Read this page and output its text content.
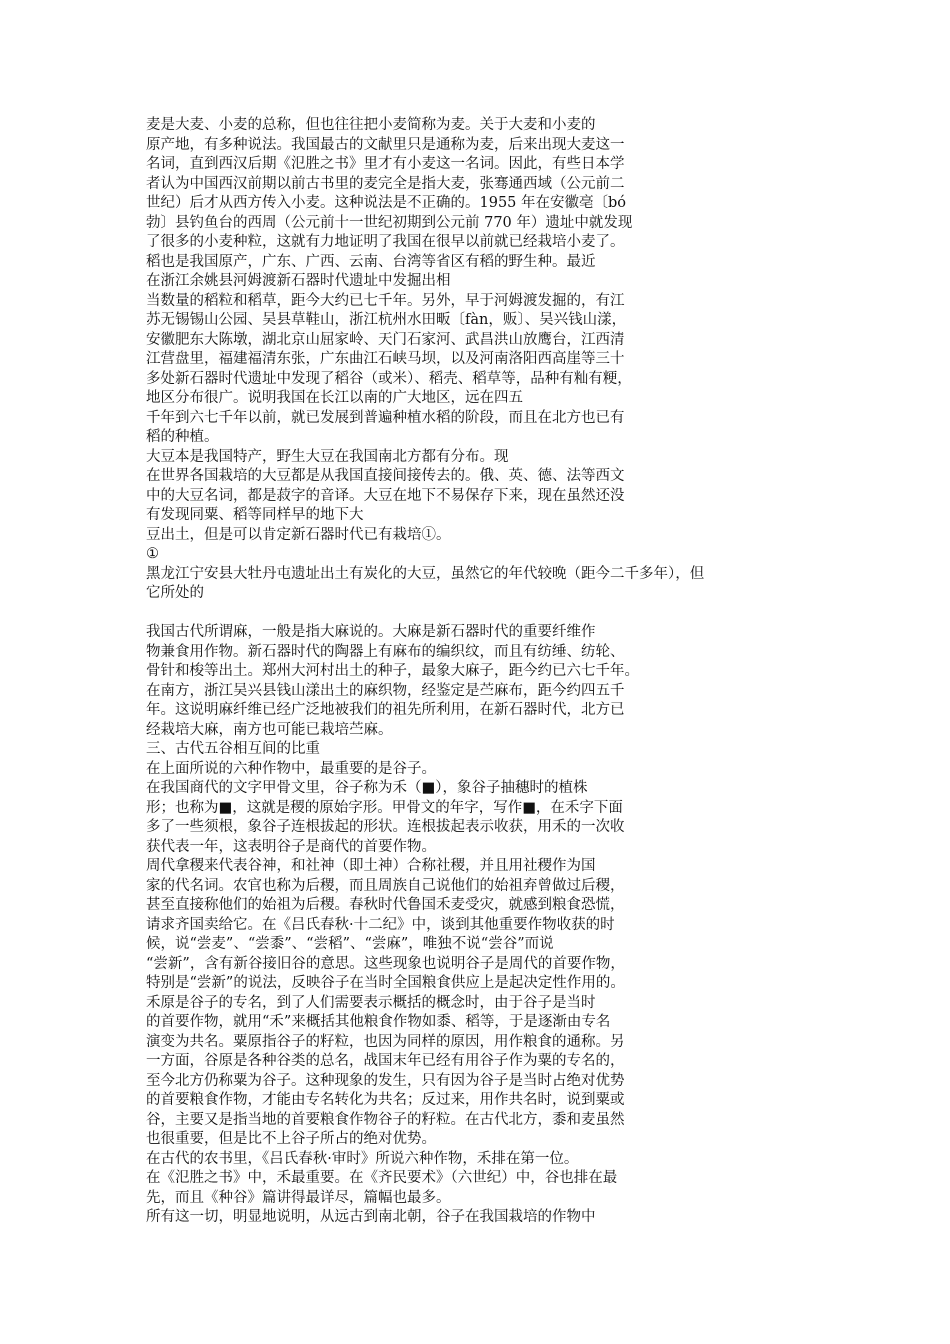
麦是大麦、小麦的总称，但也往往把小麦简称为麦。关于大麦和小麦的
原产地，有多种说法。我国最古的文献里只是通称为麦，后来出现大麦这一
名词，直到西汉后期《氾胜之书》里才有小麦这一名词。因此，有些日本学
者认为中国西汉前期以前古书里的麦完全是指大麦，张骞通西域（公元前二
世纪）后才从西方传入小麦。这种说法是不正确的。1955 年在安徽亳〔bó
勃〕县钓鱼台的西周（公元前十一世纪初期到公元前 770 年）遗址中就发现
了很多的小麦种粒，这就有力地证明了我国在很早以前就已经栽培小麦了。
稻也是我国原产，广东、广西、云南、台湾等省区有稻的野生种。最近
在浙江余姚县河姆渡新石器时代遗址中发掘出相
当数量的稻粒和稻草，距今大约已七千年。另外，早于河姆渡发掘的，有江
苏无锡锡山公园、吴县草鞋山，浙江杭州水田畈〔fàn，贩〕、吴兴钱山漾，
安徽肥东大陈墩，湖北京山屈家岭、天门石家河、武昌洪山放鹰台，江西清
江营盘里，福建福清东张，广东曲江石峡马坝，以及河南洛阳西高崖等三十
多处新石器时代遗址中发现了稻谷（或米）、稻壳、稻草等，品种有籼有粳，
地区分布很广。说明我国在长江以南的广大地区，远在四五
千年到六七千年以前，就已发展到普遍种植水稻的阶段，而且在北方也已有
稻的种植。
大豆本是我国特产，野生大豆在我国南北方都有分布。现
在世界各国栽培的大豆都是从我国直接间接传去的。俄、英、德、法等西文
中的大豆名词，都是菽字的音译。大豆在地下不易保存下来，现在虽然还没
有发现同粟、稻等同样早的地下大
豆出土，但是可以肯定新石器时代已有栽培①。
①
黑龙江宁安县大牡丹屯遗址出土有炭化的大豆，虽然它的年代较晚（距今二千多年），但
它所处的
我国古代所谓麻，一般是指大麻说的。大麻是新石器时代的重要纤维作
物兼食用作物。新石器时代的陶器上有麻布的编织纹，而且有纺缍、纺轮、
骨针和梭等出土。郑州大河村出土的种子，最象大麻子，距今约已六七千年。
在南方，浙江吴兴县钱山漾出土的麻织物，经鉴定是苎麻布，距今约四五千
年。这说明麻纤维已经广泛地被我们的祖先所利用，在新石器时代，北方已
经栽培大麻，南方也可能已栽培苎麻。
三、古代五谷相互间的比重
在上面所说的六种作物中，最重要的是谷子。
在我国商代的文字甲骨文里，谷子称为禾（■），象谷子抽穗时的植株
形；也称为■，这就是稷的原始字形。甲骨文的年字，写作■，在禾字下面
多了一些须根，象谷子连根拔起的形状。连根拔起表示收获，用禾的一次收
获代表一年，这表明谷子是商代的首要作物。
周代拿稷来代表谷神，和社神（即土神）合称社稷，并且用社稷作为国
家的代名词。农官也称为后稷，而且周族自己说他们的始祖弃曾做过后稷，
甚至直接称他们的始祖为后稷。春秋时代鲁国禾麦受灾，就感到粮食恐慌，
请求齐国卖给它。在《吕氏春秋·十二纪》中，谈到其他重要作物收获的时
候，说“尝麦”、“尝黍”、“尝稻”、“尝麻”，唯独不说“尝谷”而说
“尝新”，含有新谷接旧谷的意思。这些现象也说明谷子是周代的首要作物，
特别是“尝新”的说法，反映谷子在当时全国粮食供应上是起决定性作用的。
禾原是谷子的专名，到了人们需要表示概括的概念时，由于谷子是当时
的首要作物，就用“禾”来概括其他粮食作物如黍、稻等，于是逐渐由专名
演变为共名。粟原指谷子的籽粒，也因为同样的原因，用作粮食的通称。另
一方面，谷原是各种谷类的总名，战国末年已经有用谷子作为粟的专名的，
至今北方仍称粟为谷子。这种现象的发生，只有因为谷子是当时占绝对优势
的首要粮食作物，才能由专名转化为共名；反过来，用作共名时，说到粟或
谷，主要又是指当地的首要粮食作物谷子的籽粒。在古代北方，黍和麦虽然
也很重要，但是比不上谷子所占的绝对优势。
在古代的农书里，《吕氏春秋·审时》所说六种作物，禾排在第一位。
在《氾胜之书》中，禾最重要。在《齐民要术》（六世纪）中，谷也排在最
先，而且《种谷》篇讲得最详尽，篇幅也最多。
所有这一切，明显地说明，从远古到南北朝，谷子在我国栽培的作物中
